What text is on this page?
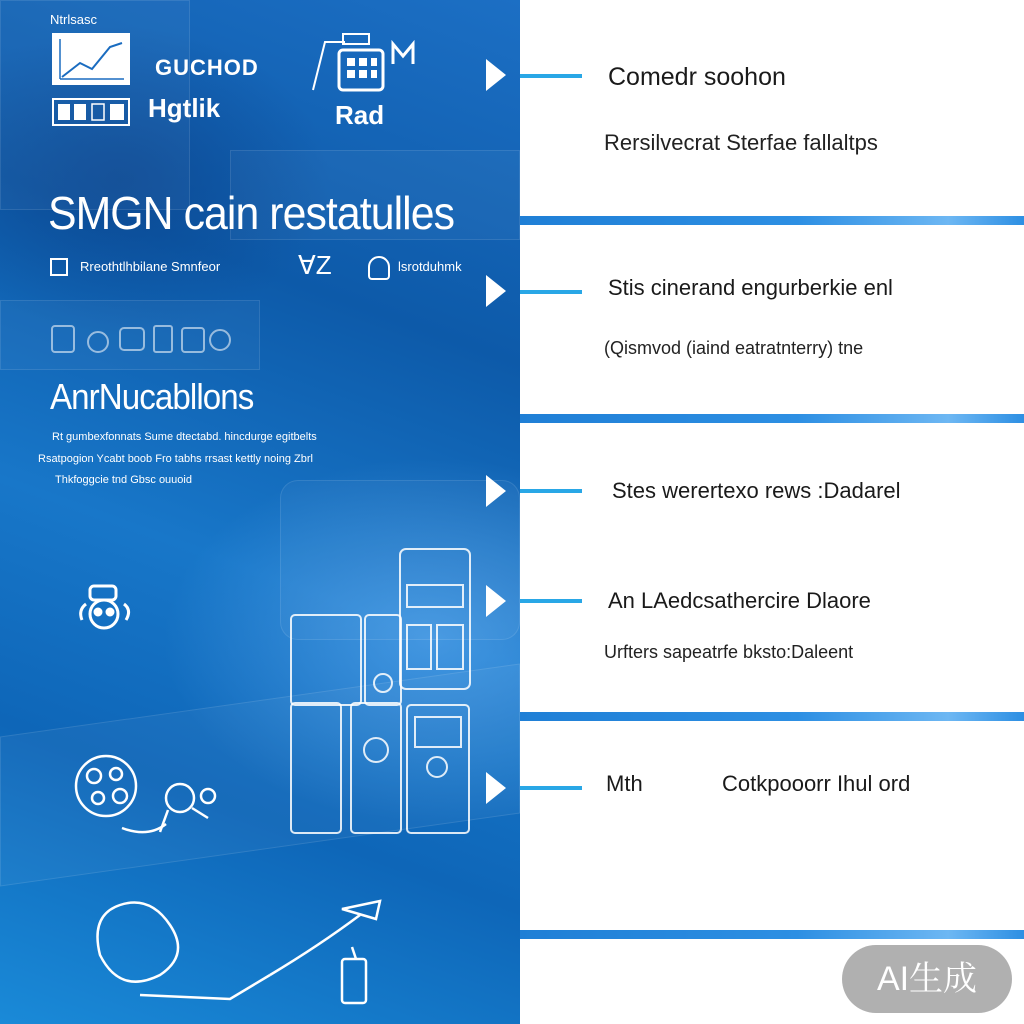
Ntrlsasc
GUCHOD
Hgtlik	Rad
SMGN cain restatulles
Rreothtlhbilane Smnfeor	∀Z	lsrotduhmk
AnrNucabllons
Rt gumbexfonnats Sume dtectabd. hincdurge egitbelts
Rsatpogion Ycabt boob Fro tabhs rrsast kettly noing Zbrl
Thkfoggcie tnd Gbsc ouuoid
Comedr soohon
Rersilvecrat Sterfae fallaltps
Stis cinerand engurberkie enl
(Qismvod (iaind eatratnterry) tne
Stes werertexo rews :Dadarel
An LAedcsathercire Dlaore
Urfters sapeatrfe bksto:Daleent
Mth	Cotkpooorr Ihul ord
AI生成
